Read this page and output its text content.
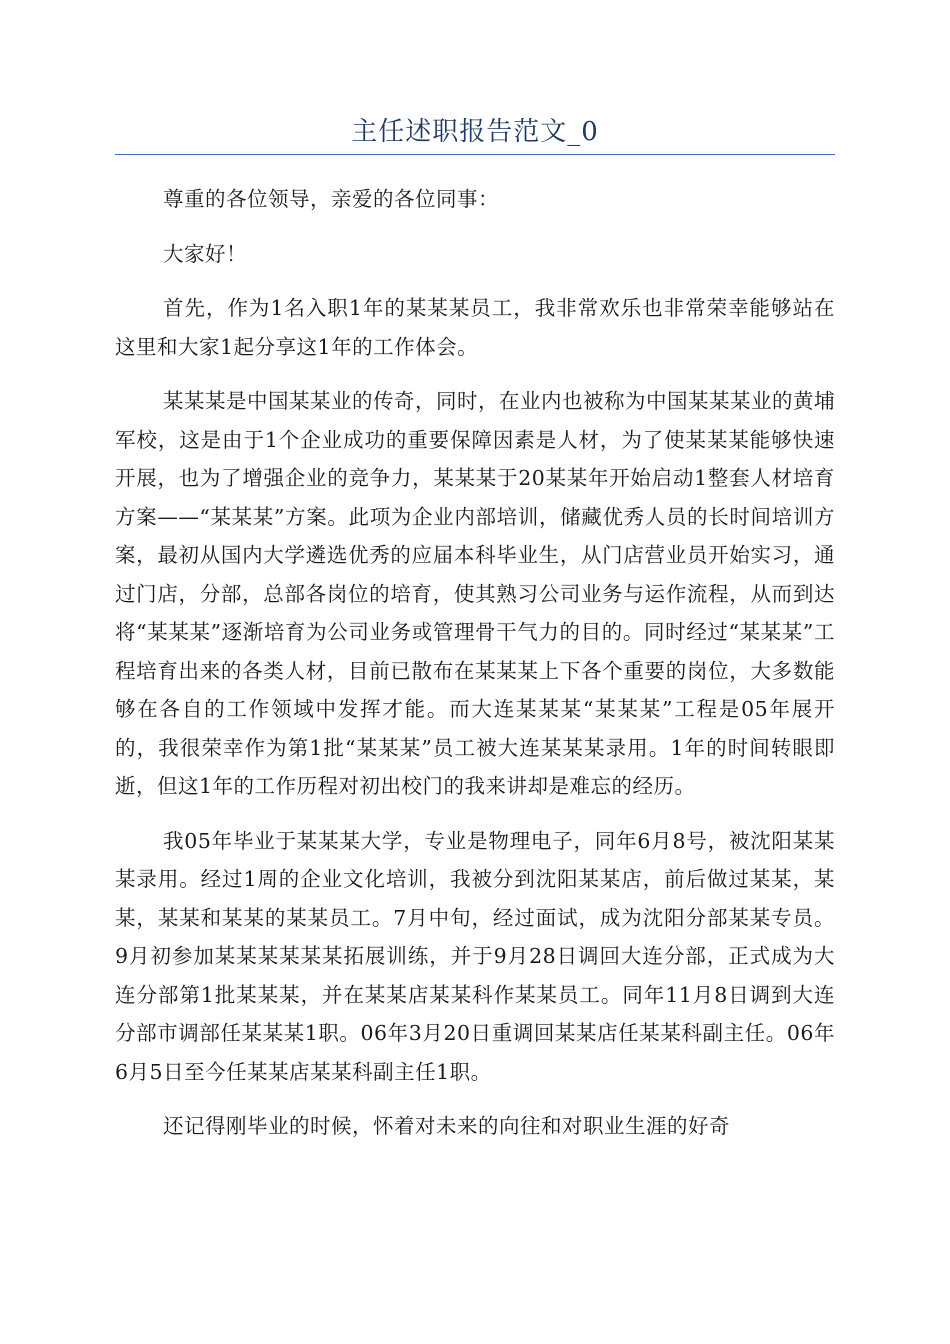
主任述职报告范文_0

尊重的各位领导，亲爱的各位同事：

大家好！

首先，作为1名入职1年的某某某员工，我非常欢乐也非常荣幸能够站在这里和大家1起分享这1年的工作体会。

某某某是中国某某业的传奇，同时，在业内也被称为中国某某某业的黄埔军校，这是由于1个企业成功的重要保障因素是人材，为了使某某某能够快速开展，也为了增强企业的竞争力，某某某于20某某年开始启动1整套人材培育方案——“某某某”方案。此项为企业内部培训，储藏优秀人员的长时间培训方案，最初从国内大学遴选优秀的应届本科毕业生，从门店营业员开始实习，通过门店，分部，总部各岗位的培育，使其熟习公司业务与运作流程，从而到达将“某某某”逐渐培育为公司业务或管理骨干气力的目的。同时经过“某某某”工程培育出来的各类人材，目前已散布在某某某上下各个重要的岗位，大多数能够在各自的工作领域中发挥才能。而大连某某某“某某某”工程是05年展开的，我很荣幸作为第1批“某某某”员工被大连某某某录用。1年的时间转眼即逝，但这1年的工作历程对初出校门的我来讲却是难忘的经历。

我05年毕业于某某某大学，专业是物理电子，同年6月8号，被沈阳某某某录用。经过1周的企业文化培训，我被分到沈阳某某店，前后做过某某，某某，某某和某某的某某员工。7月中旬，经过面试，成为沈阳分部某某专员。9月初参加某某某某某某拓展训练，并于9月28日调回大连分部，正式成为大连分部第1批某某某，并在某某店某某科作某某员工。同年11月8日调到大连分部市调部任某某某1职。06年3月20日重调回某某店任某某科副主任。06年6月5日至今任某某店某某科副主任1职。

还记得刚毕业的时候，怀着对未来的向往和对职业生涯的好奇
